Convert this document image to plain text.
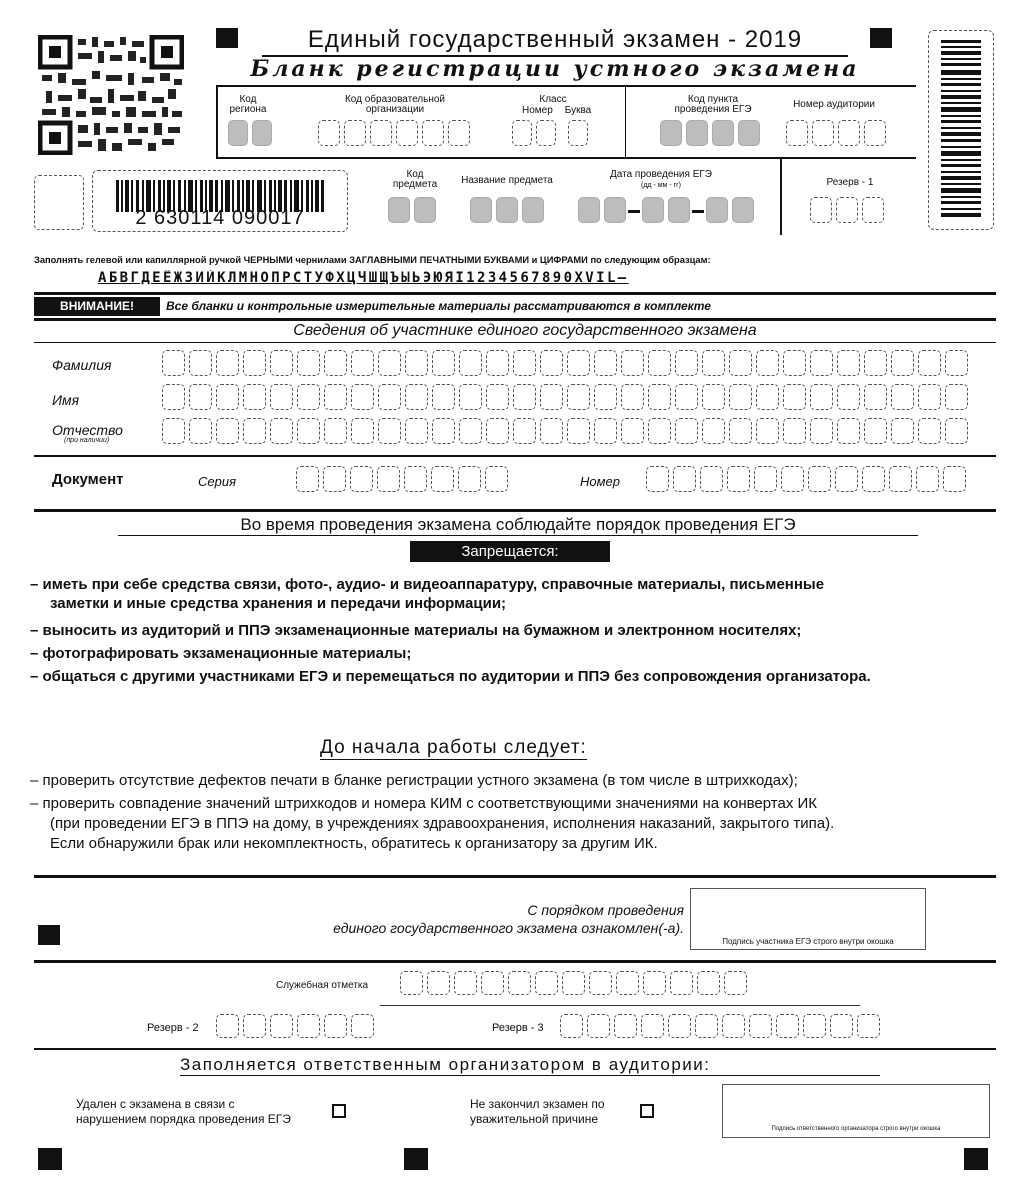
Единый государственный экзамен - 2019
Бланк регистрации устного экзамена
Код региона
Код образовательной организации
Класс
Номер Буква
Код пункта проведения ЕГЭ	Номер аудитории
2 630114 090017
Код предмета	Название предмета
Дата проведения ЕГЭ
(дд - мм - гг)	Резерв - 1
Заполнять гелевой или капиллярной ручкой ЧЕРНЫМИ чернилами ЗАГЛАВНЫМИ ПЕЧАТНЫМИ БУКВАМИ и ЦИФРАМИ по следующим образцам:
АБВГДЕЁЖЗИЙКЛМНОПРСТУФХЦЧШЩЪЫЬЭЮЯI1234567890XVIL–
ВНИМАНИЕ!	Все бланки и контрольные измерительные материалы рассматриваются в комплекте
Сведения об участнике единого государственного экзамена
Фамилия
Имя
Отчество
(при наличии)
Документ	Серия	Номер
Во время проведения экзамена соблюдайте порядок проведения ЕГЭ
Запрещается:
– иметь при себе средства связи, фото-, аудио- и видеоаппаратуру, справочные материалы, письменные
заметки и иные средства хранения и передачи информации;
– выносить из аудиторий и ППЭ экзаменационные материалы на бумажном и электронном носителях;
– фотографировать экзаменационные материалы;
– общаться с другими участниками ЕГЭ и перемещаться по аудитории и ППЭ без сопровождения организатора.
До начала работы следует:
– проверить отсутствие дефектов печати в бланке регистрации устного экзамена (в том числе в штрихкодах);
– проверить совпадение значений штрихкодов и номера КИМ с соответствующими значениями на конвертах ИК
(при проведении ЕГЭ в ППЭ на дому, в учреждениях здравоохранения, исполнения наказаний, закрытого типа).
Если обнаружили брак или некомплектность, обратитесь к организатору за другим ИК.
С порядком проведения
единого государственного экзамена ознакомлен(-а).
Подпись участника ЕГЭ строго внутри окошка
Служебная отметка
Резерв - 2	Резерв - 3
Заполняется ответственным организатором в аудитории:
Удален с экзамена в связи с
нарушением порядка проведения ЕГЭ
Не закончил экзамен по
уважительной причине
Подпись ответственного организатора строго внутри окошка
